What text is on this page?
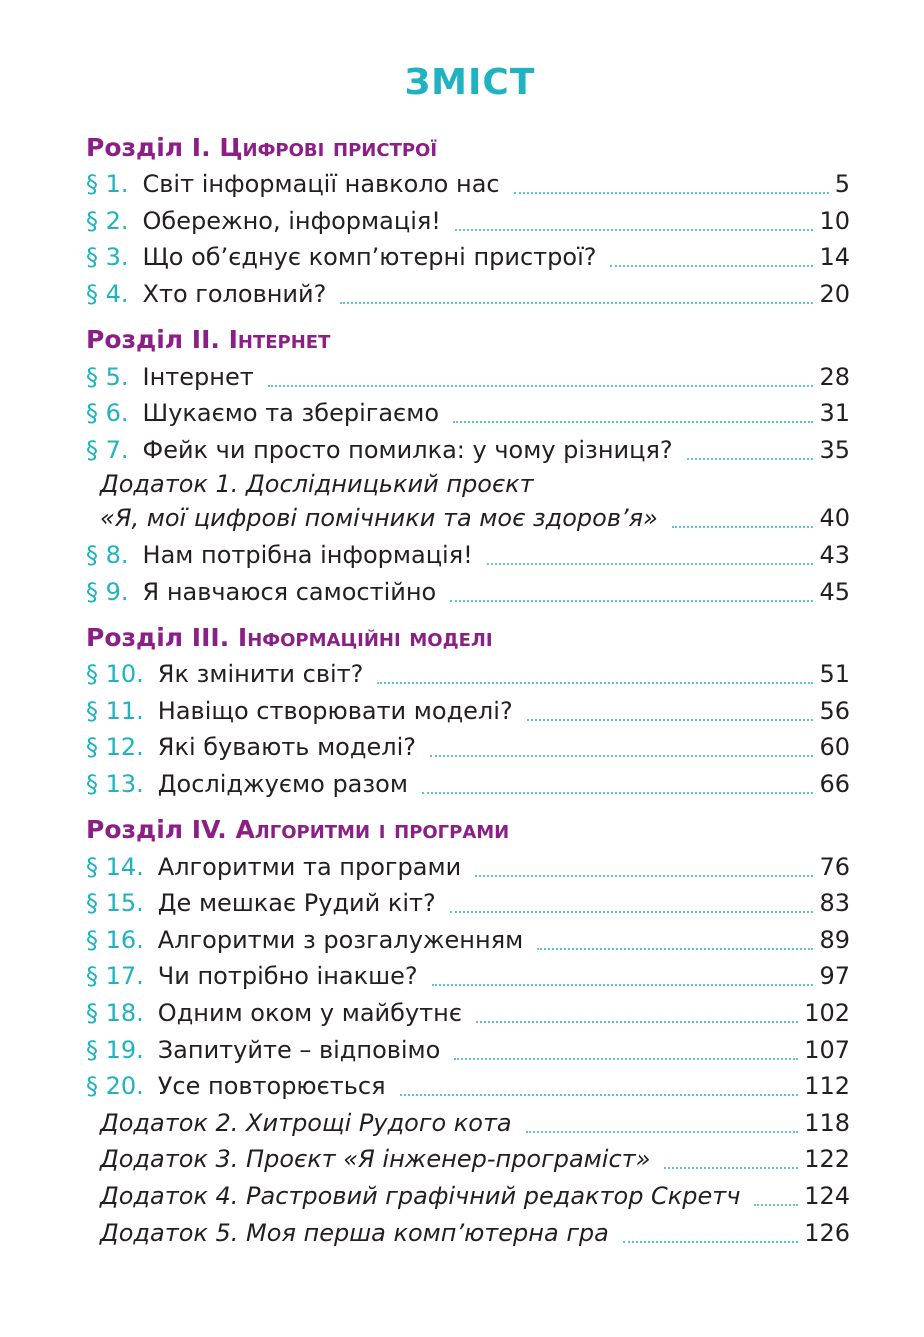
ЗМІСТ
Розділ I. Цифрові пристрої
§ 1. Світ інформації навколо нас	5
§ 2. Обережно, інформація!	10
§ 3. Що об’єднує комп’ютерні пристрої?	14
§ 4. Хто головний?	20
Розділ II. Інтернет
§ 5. Інтернет	28
§ 6. Шукаємо та зберігаємо	31
§ 7. Фейк чи просто помилка: у чому різниця?	35
Додаток 1. Дослідницький проєкт
«Я, мої цифрові помічники та моє здоров’я»	40
§ 8. Нам потрібна інформація!	43
§ 9. Я навчаюся самостійно	45
Розділ III. Інформаційні моделі
§ 10. Як змінити світ?	51
§ 11. Навіщо створювати моделі?	56
§ 12. Які бувають моделі?	60
§ 13. Досліджуємо разом	66
Розділ IV. Алгоритми і програми
§ 14. Алгоритми та програми	76
§ 15. Де мешкає Рудий кіт?	83
§ 16. Алгоритми з розгалуженням	89
§ 17. Чи потрібно інакше?	97
§ 18. Одним оком у майбутнє	102
§ 19. Запитуйте – відповімо	107
§ 20. Усе повторюється	112
Додаток 2. Хитрощі Рудого кота	118
Додаток 3. Проєкт «Я інженер-програміст»	122
Додаток 4. Растровий графічний редактор Скретч	124
Додаток 5. Моя перша комп’ютерна гра	126
